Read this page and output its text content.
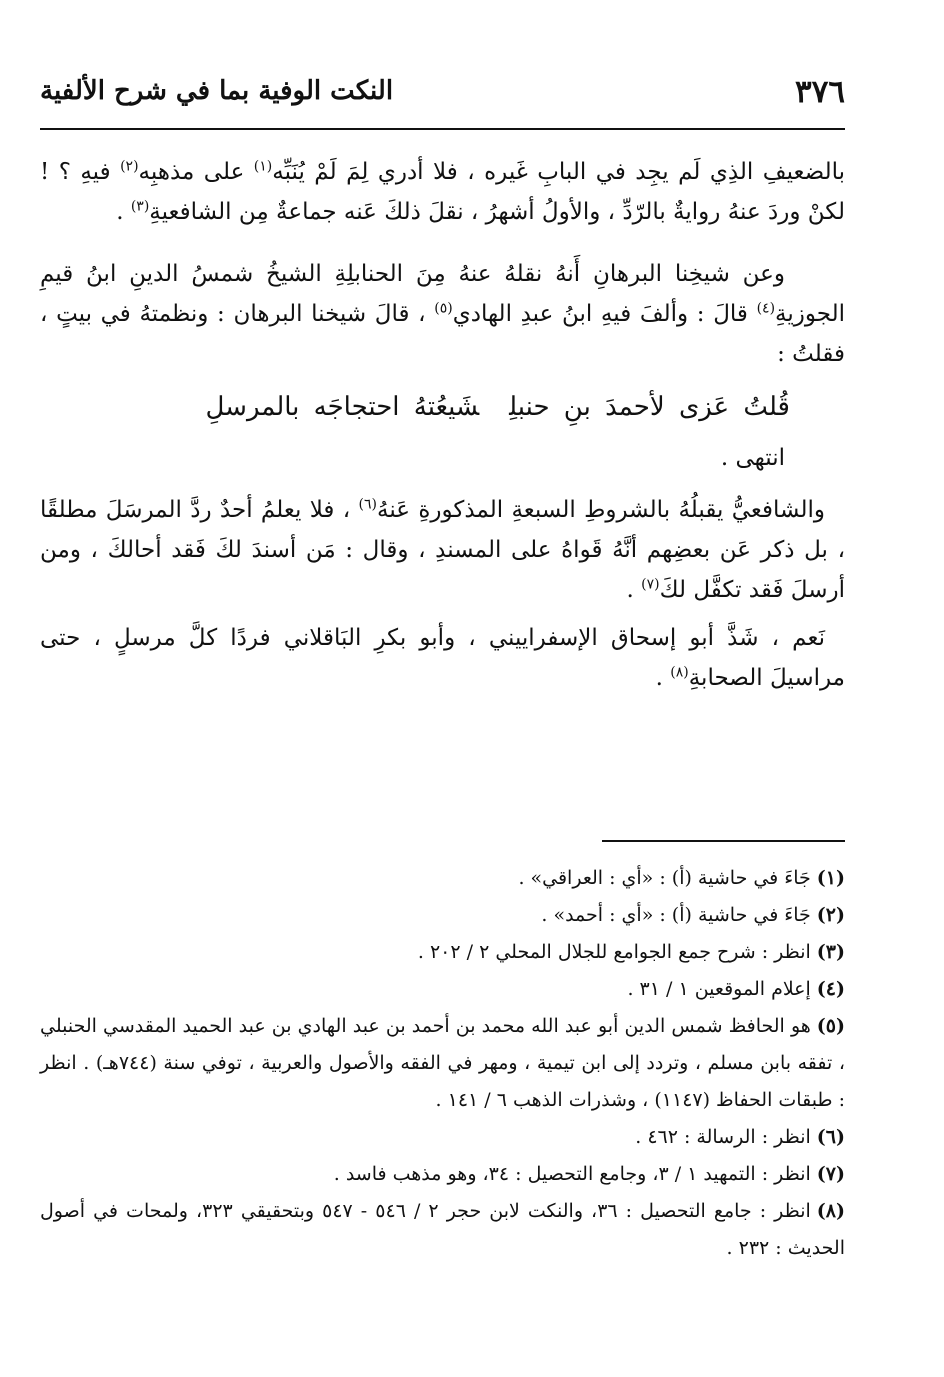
٣٧٦
النكت الوفية بما في شرح الألفية

بالضعيفِ الذِي لَم يجِد في البابِ غَيره ، فلا أدري لِمَ لَمْ يُنَبِّه$^{(١)}$ على مذهبِه$^{(٢)}$ فيهِ ؟ ! لكنْ وردَ عنهُ روايةٌ بالرّدِّ ، والأولُ أشهرُ ، نقلَ ذلكَ عَنه جماعةٌ مِن الشافعيةِ$^{(٣)}$ .

وعن شيخِنا البرهانِ أَنهُ نقلهُ عنهُ مِنَ الحنابلِةِ الشيخُ شمسُ الدينِ ابنُ قيمِ الجوزيةِ$^{(٤)}$ قالَ : وألفَ فيهِ ابنُ عبدِ الهادي$^{(٥)}$ ، قالَ شيخنا البرهان : ونظمتهُ في بيتٍ ، فقلتُ :

قُلتُ عَزى لأحمدَ بنِ حنبلِشَيعُتهُ احتجاجَه بالمرسلِ

انتهى .

والشافعيُّ يقبلُهُ بالشروطِ السبعةِ المذكورةِ عَنهُ$^{(٦)}$ ، فلا يعلمُ أحدٌ ردَّ المرسَلَ مطلقًا ، بل ذكر عَن بعضِهم أنَّهُ قَواهُ على المسندِ ، وقال : مَن أسندَ لكَ فَقد أحالكَ ، ومن أرسلَ فَقد تكفَّل لكَ$^{(٧)}$ .

نَعم ، شَذَّ أبو إسحاق الإسفراييني ، وأبو بكرِ البَاقلاني فردًا كلَّ مرسلٍ ، حتى مراسيلَ الصحابةِ$^{(٨)}$ .

(١)جَاءَ في حاشية (أ) : «أي : العراقي» .

(٢)جَاءَ في حاشية (أ) : «أي : أحمد» .

(٣)انظر : شرح جمع الجوامع للجلال المحلي ٢ / ٢٠٢ .

(٤)إعلام الموقعين ١ / ٣١ .

(٥)هو الحافظ شمس الدين أبو عبد الله محمد بن أحمد بن عبد الهادي بن عبد الحميد المقدسي الحنبلي ، تفقه بابن مسلم ، وتردد إلى ابن تيمية ، ومهر في الفقه والأصول والعربية ، توفي سنة (٧٤٤هـ) . انظر : طبقات الحفاظ (١١٤٧) ، وشذرات الذهب ٦ / ١٤١ .

(٦)انظر : الرسالة : ٤٦٢ .

(٧)انظر : التمهيد ١ / ٣، وجامع التحصيل : ٣٤، وهو مذهب فاسد .

(٨)انظر : جامع التحصيل : ٣٦، والنكت لابن حجر ٢ / ٥٤٦ - ٥٤٧ وبتحقيقي ٣٢٣، ولمحات في أصول الحديث : ٢٣٢ .
